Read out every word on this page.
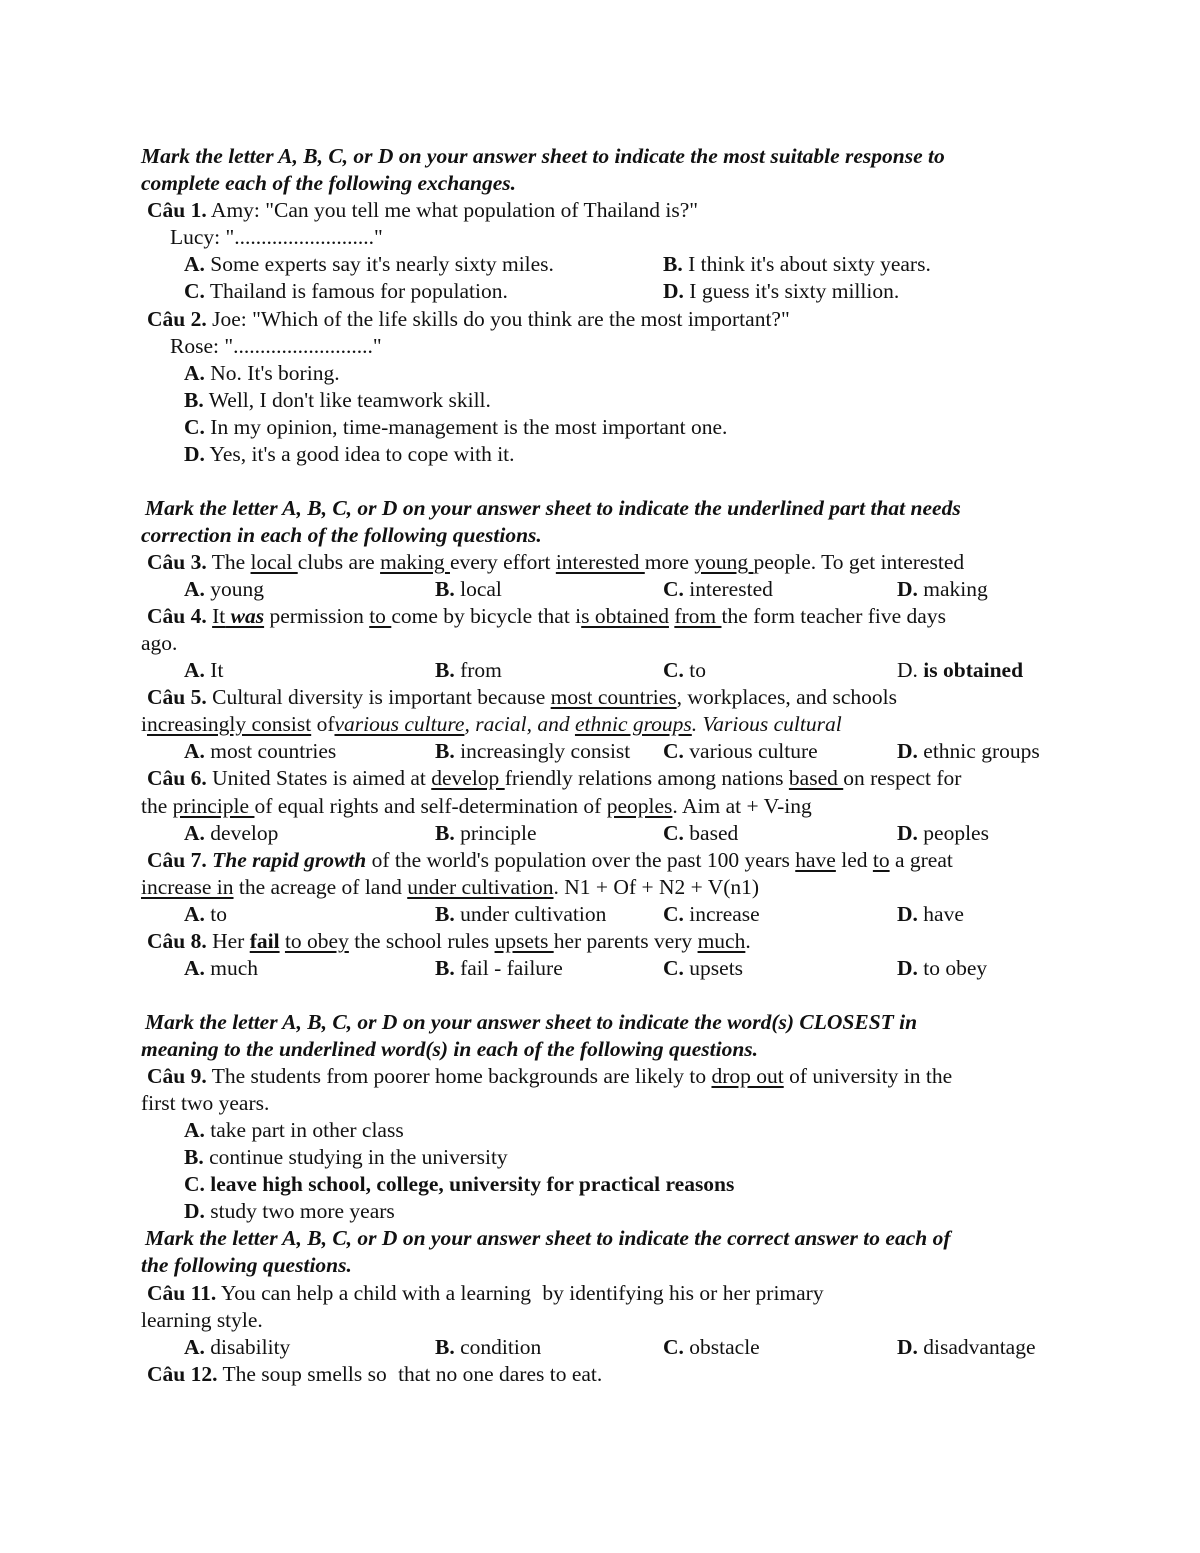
Mark the letter A, B, C, or D on your answer sheet to indicate the most suitable response to
complete each of the following exchanges.
Câu 1. Amy: "Can you tell me what population of Thailand is?"
Lucy: ".........................."
A. Some experts say it's nearly sixty miles.	B. I think it's about sixty years.
C. Thailand is famous for population.	D. I guess it's sixty million.
Câu 2. Joe: "Which of the life skills do you think are the most important?"
Rose: ".........................."
A. No. It's boring.
B. Well, I don't like teamwork skill.
C. In my opinion, time-management is the most important one.
D. Yes, it's a good idea to cope with it.
Mark the letter A, B, C, or D on your answer sheet to indicate the underlined part that needs
correction in each of the following questions.
Câu 3. The local clubs are making every effort interested more young people. To get interested
A. young	B. local	C. interested	D. making
Câu 4. It was permission to come by bicycle that is obtained from the form teacher five days
ago.
A. It	B. from	C. to	D. is obtained
Câu 5. Cultural diversity is important because most countries, workplaces, and schools
increasingly consist ofvarious culture, racial, and ethnic groups. Various cultural
A. most countries	B. increasingly consist C. various culture	D. ethnic groups
Câu 6. United States is aimed at develop friendly relations among nations based on respect for
the principle of equal rights and self-determination of peoples. Aim at + V-ing
A. develop	B. principle	C. based	D. peoples
Câu 7. The rapid growth of the world's population over the past 100 years have led to a great
increase in the acreage of land under cultivation. N1 + Of + N2 + V(n1)
A. to	B. under cultivation	C. increase	D. have
Câu 8. Her fail to obey the school rules upsets her parents very much.
A. much	B. fail - failure	C. upsets	D. to obey
Mark the letter A, B, C, or D on your answer sheet to indicate the word(s) CLOSEST in
meaning to the underlined word(s) in each of the following questions.
Câu 9. The students from poorer home backgrounds are likely to drop out of university in the
first two years.
A. take part in other class
B. continue studying in the university
C. leave high school, college, university for practical reasons
D. study two more years
Mark the letter A, B, C, or D on your answer sheet to indicate the correct answer to each of
the following questions.
Câu 11. You can help a child with a learning by identifying his or her primary
learning style.
A. disability	B. condition	C. obstacle	D. disadvantage
Câu 12. The soup smells so that no one dares to eat.
